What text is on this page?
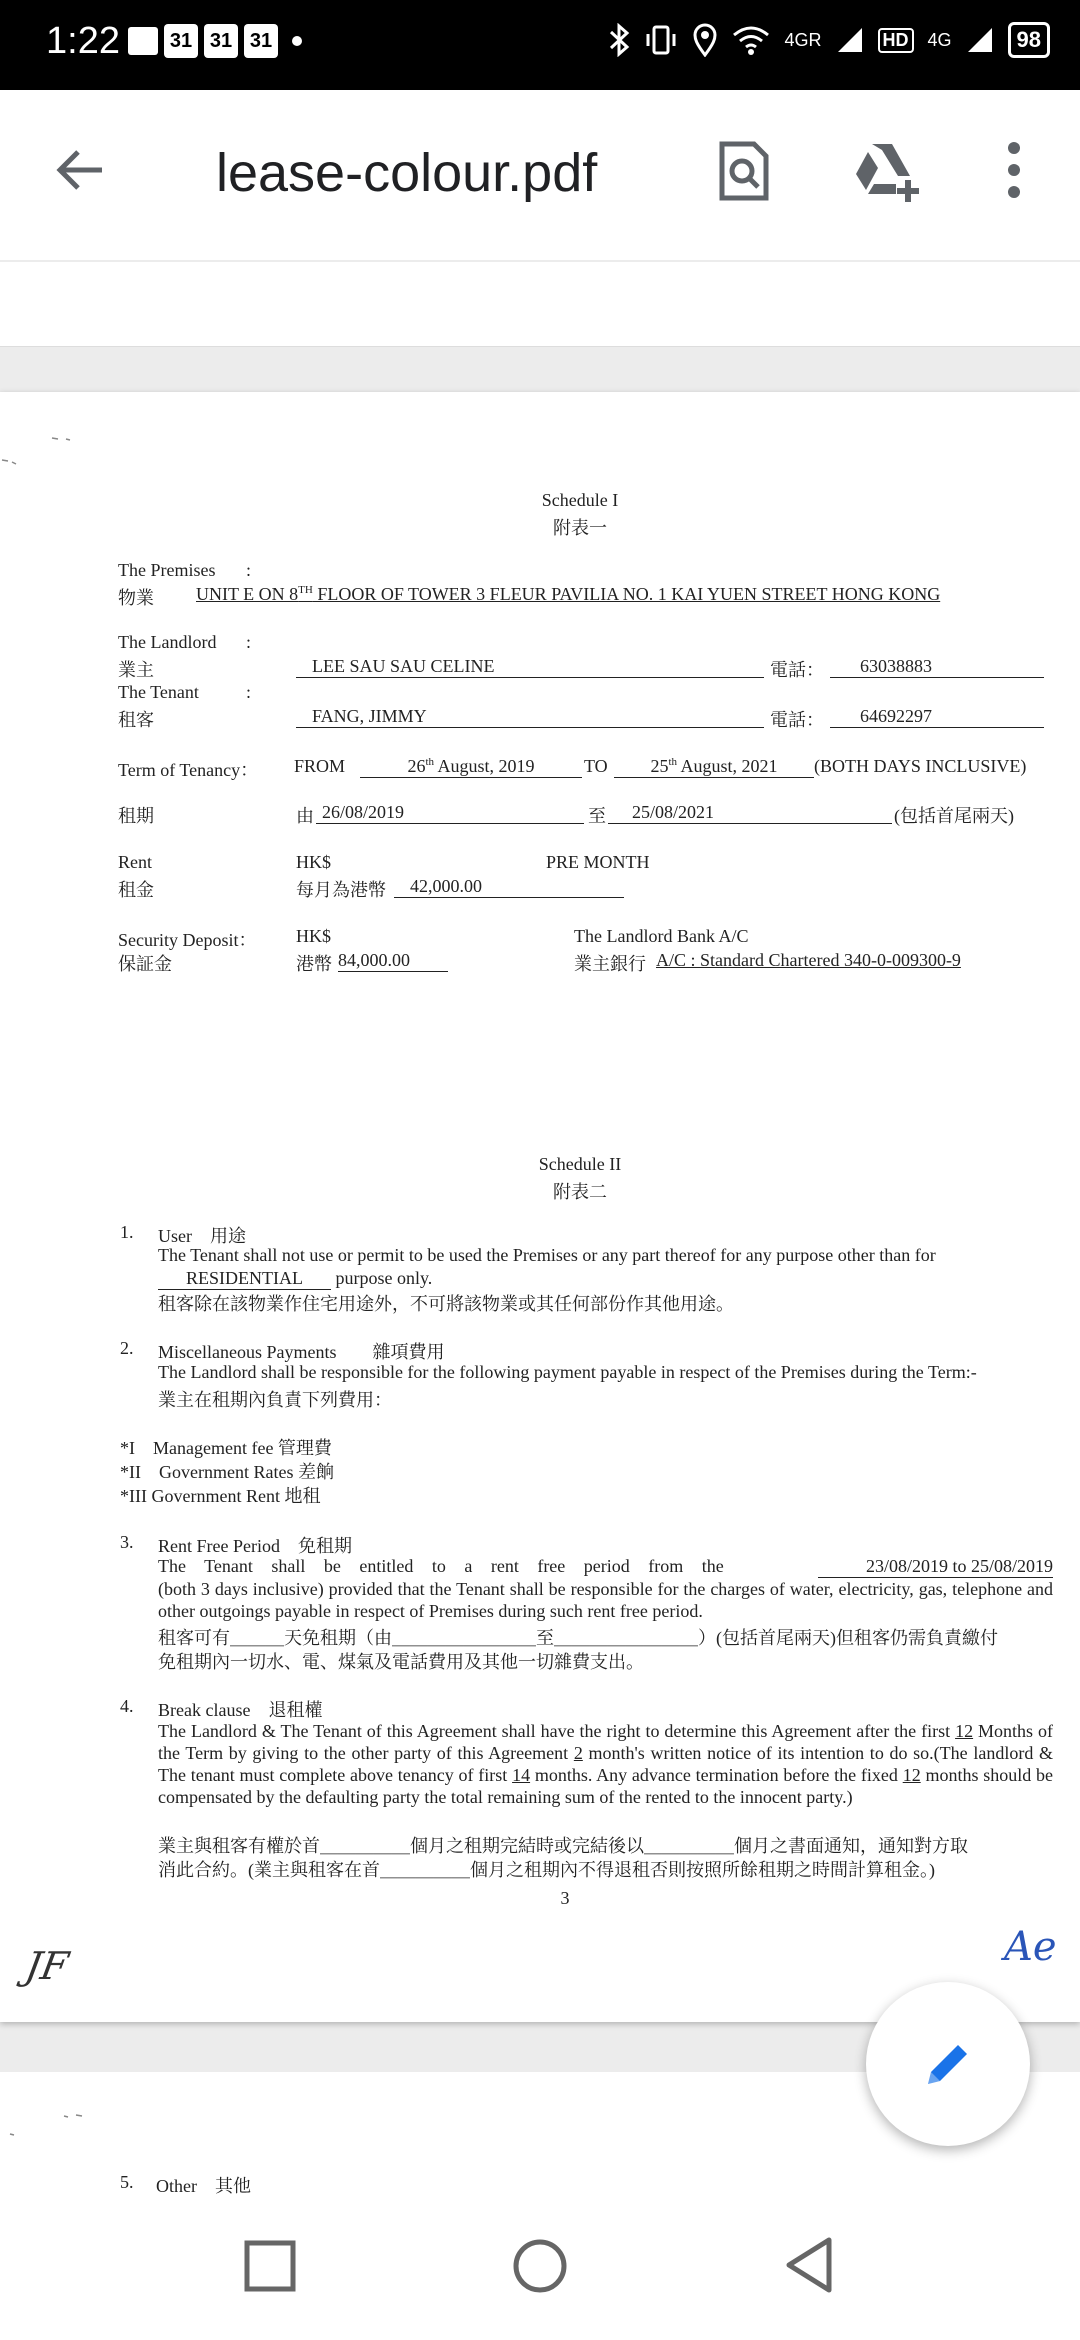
1:22 31 31 31	4GR	HD 4G	98
lease-colour.pdf
Schedule I
附表一
The Premises :
物業 UNIT E ON 8TH FLOOR OF TOWER 3 FLEUR PAVILIA NO. 1 KAI YUEN STREET HONG KONG
The Landlord :
業主	LEE SAU SAU CELINE	電話：	63038883
The Tenant	:
租客	FANG, JIMMY	電話：	64692297
Term of Tenancy： FROM	26th August, 2019	TO	25th August, 2021	(BOTH DAYS INCLUSIVE)
租期	由 26/08/2019	至	25/08/2021	(包括首尾兩天)
Rent	HK$	PRE MONTH
租金	每月為港幣	42,000.00
Security Deposit： HK$	The Landlord Bank A/C
保証金	港幣 84,000.00	業主銀行 A/C : Standard Chartered 340-0-009300-9
Schedule II
附表二
1. User　用途
The Tenant shall not use or permit to be used the Premises or any part thereof for any purpose other than for
RESIDENTIAL purpose only.
租客除在該物業作住宅用途外，不可將該物業或其任何部份作其他用途。
2. Miscellaneous Payments　　雜項費用
The Landlord shall be responsible for the following payment payable in respect of the Premises during the Term:-
業主在租期內負責下列費用：
*I　Management fee 管理費
*II　Government Rates 差餉
*III Government Rent 地租
3. Rent Free Period　免租期
The Tenant shall be entitled to a rent free period from the	23/08/2019 to 25/08/2019
(both 3 days inclusive) provided that the Tenant shall be responsible for the charges of water, electricity, gas, telephone and other outgoings payable in respect of Premises during such rent free period.
租客可有＿＿＿天免租期（由＿＿＿＿＿＿＿＿至＿＿＿＿＿＿＿＿）(包括首尾兩天)但租客仍需負責繳付
免租期內一切水、電、煤氣及電話費用及其他一切雜費支出。
4. Break clause　退租權
The Landlord & The Tenant of this Agreement shall have the right to determine this Agreement after the first 12 Months of the Term by giving to the other party of this Agreement 2 month's written notice of its intention to do so.(The landlord & The tenant must complete above tenancy of first 14 months. Any advance termination before the fixed 12 months should be compensated by the defaulting party the total remaining sum of the rented to the innocent party.)
業主與租客有權於首＿＿＿＿＿個月之租期完結時或完結後以＿＿＿＿＿個月之書面通知，通知對方取
消此合約。(業主與租客在首＿＿＿＿＿個月之租期內不得退租否則按照所餘租期之時間計算租金。)
3
JF	Ae
5. Other　其他
